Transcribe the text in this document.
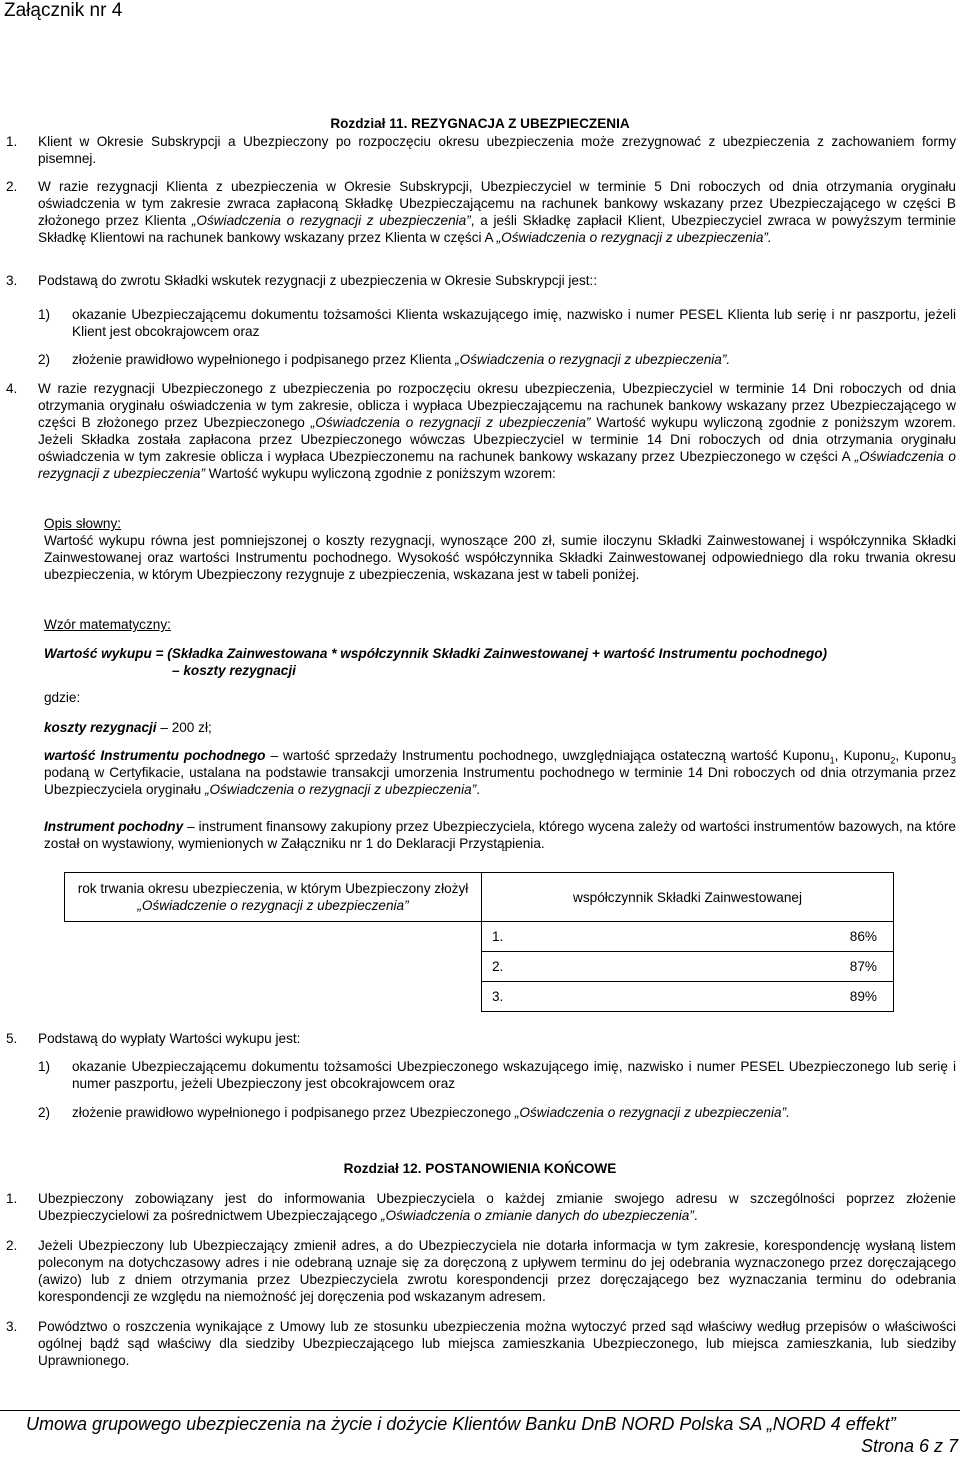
Załącznik nr 4
Rozdział 11. REZYGNACJA Z UBEZPIECZENIA
1. Klient w Okresie Subskrypcji a Ubezpieczony po rozpoczęciu okresu ubezpieczenia może zrezygnować z ubezpieczenia z zachowaniem formy pisemnej.
2. W razie rezygnacji Klienta z ubezpieczenia w Okresie Subskrypcji, Ubezpieczyciel w terminie 5 Dni roboczych od dnia otrzymania oryginału oświadczenia w tym zakresie zwraca zapłaconą Składkę Ubezpieczającemu na rachunek bankowy wskazany przez Ubezpieczającego w części B złożonego przez Klienta „Oświadczenia o rezygnacji z ubezpieczenia”, a jeśli Składkę zapłacił Klient, Ubezpieczyciel zwraca w powyższym terminie Składkę Klientowi na rachunek bankowy wskazany przez Klienta w części A „Oświadczenia o rezygnacji z ubezpieczenia”.
3. Podstawą do zwrotu Składki wskutek rezygnacji z ubezpieczenia w Okresie Subskrypcji jest::
1) okazanie Ubezpieczającemu dokumentu tożsamości Klienta wskazującego imię, nazwisko i numer PESEL Klienta lub serię i nr paszportu, jeżeli Klient jest obcokrajowcem oraz
2) złożenie prawidłowo wypełnionego i podpisanego przez Klienta „Oświadczenia o rezygnacji z ubezpieczenia”.
4. W razie rezygnacji Ubezpieczonego z ubezpieczenia po rozpoczęciu okresu ubezpieczenia, Ubezpieczyciel w terminie 14 Dni roboczych od dnia otrzymania oryginału oświadczenia w tym zakresie, oblicza i wypłaca Ubezpieczającemu na rachunek bankowy wskazany przez Ubezpieczającego w części B złożonego przez Ubezpieczonego „Oświadczenia o rezygnacji z ubezpieczenia” Wartość wykupu wyliczoną zgodnie z poniższym wzorem. Jeżeli Składka została zapłacona przez Ubezpieczonego wówczas Ubezpieczyciel w terminie 14 Dni roboczych od dnia otrzymania oryginału oświadczenia w tym zakresie oblicza i wypłaca Ubezpieczonemu na rachunek bankowy wskazany przez Ubezpieczonego w części A „Oświadczenia o rezygnacji z ubezpieczenia” Wartość wykupu wyliczoną zgodnie z poniższym wzorem:
Opis słowny:
Wartość wykupu równa jest pomniejszonej o koszty rezygnacji, wynoszące 200 zł, sumie iloczynu Składki Zainwestowanej i współczynnika Składki Zainwestowanej oraz wartości Instrumentu pochodnego. Wysokość współczynnika Składki Zainwestowanej odpowiedniego dla roku trwania okresu ubezpieczenia, w którym Ubezpieczony rezygnuje z ubezpieczenia, wskazana jest w tabeli poniżej.
Wzór matematyczny:
Wartość wykupu = (Składka Zainwestowana * współczynnik Składki Zainwestowanej + wartość Instrumentu pochodnego)
– koszty rezygnacji
gdzie:
koszty rezygnacji – 200 zł;
wartość Instrumentu pochodnego – wartość sprzedaży Instrumentu pochodnego, uwzględniająca ostateczną wartość Kuponu$_1$, Kuponu$_2$, Kuponu$_3$ podaną w Certyfikacie, ustalana na podstawie transakcji umorzenia Instrumentu pochodnego w terminie 14 Dni roboczych od dnia otrzymania przez Ubezpieczyciela oryginału „Oświadczenia o rezygnacji z ubezpieczenia”.
Instrument pochodny – instrument finansowy zakupiony przez Ubezpieczyciela, którego wycena zależy od wartości instrumentów bazowych, na które został on wystawiony, wymienionych w Załączniku nr 1 do Deklaracji Przystąpienia.
rok trwania okresu ubezpieczenia, w którym Ubezpieczony złożył
„Oświadczenie o rezygnacji z ubezpieczenia”	współczynnik Składki Zainwestowanej

	1. 86%

	2. 87%

	3. 89%
5. Podstawą do wypłaty Wartości wykupu jest:
1) okazanie Ubezpieczającemu dokumentu tożsamości Ubezpieczonego wskazującego imię, nazwisko i numer PESEL Ubezpieczonego lub serię i numer paszportu, jeżeli Ubezpieczony jest obcokrajowcem oraz
2) złożenie prawidłowo wypełnionego i podpisanego przez Ubezpieczonego „Oświadczenia o rezygnacji z ubezpieczenia”.
Rozdział 12. POSTANOWIENIA KOŃCOWE
1. Ubezpieczony zobowiązany jest do informowania Ubezpieczyciela o każdej zmianie swojego adresu w szczególności poprzez złożenie Ubezpieczycielowi za pośrednictwem Ubezpieczającego „Oświadczenia o zmianie danych do ubezpieczenia”.
2. Jeżeli Ubezpieczony lub Ubezpieczający zmienił adres, a do Ubezpieczyciela nie dotarła informacja w tym zakresie, korespondencję wysłaną listem poleconym na dotychczasowy adres i nie odebraną uznaje się za doręczoną z upływem terminu do jej odebrania wyznaczonego przez doręczającego (awizo) lub z dniem otrzymania przez Ubezpieczyciela zwrotu korespondencji przez doręczającego bez wyznaczania terminu do odebrania korespondencji ze względu na niemożność jej doręczenia pod wskazanym adresem.
3. Powództwo o roszczenia wynikające z Umowy lub ze stosunku ubezpieczenia można wytoczyć przed sąd właściwy według przepisów o właściwości ogólnej bądź sąd właściwy dla siedziby Ubezpieczającego lub miejsca zamieszkania Ubezpieczonego, lub miejsca zamieszkania, lub siedziby Uprawnionego.
Umowa grupowego ubezpieczenia na życie i dożycie Klientów Banku DnB NORD Polska SA „NORD 4 effekt”
Strona 6 z 7
